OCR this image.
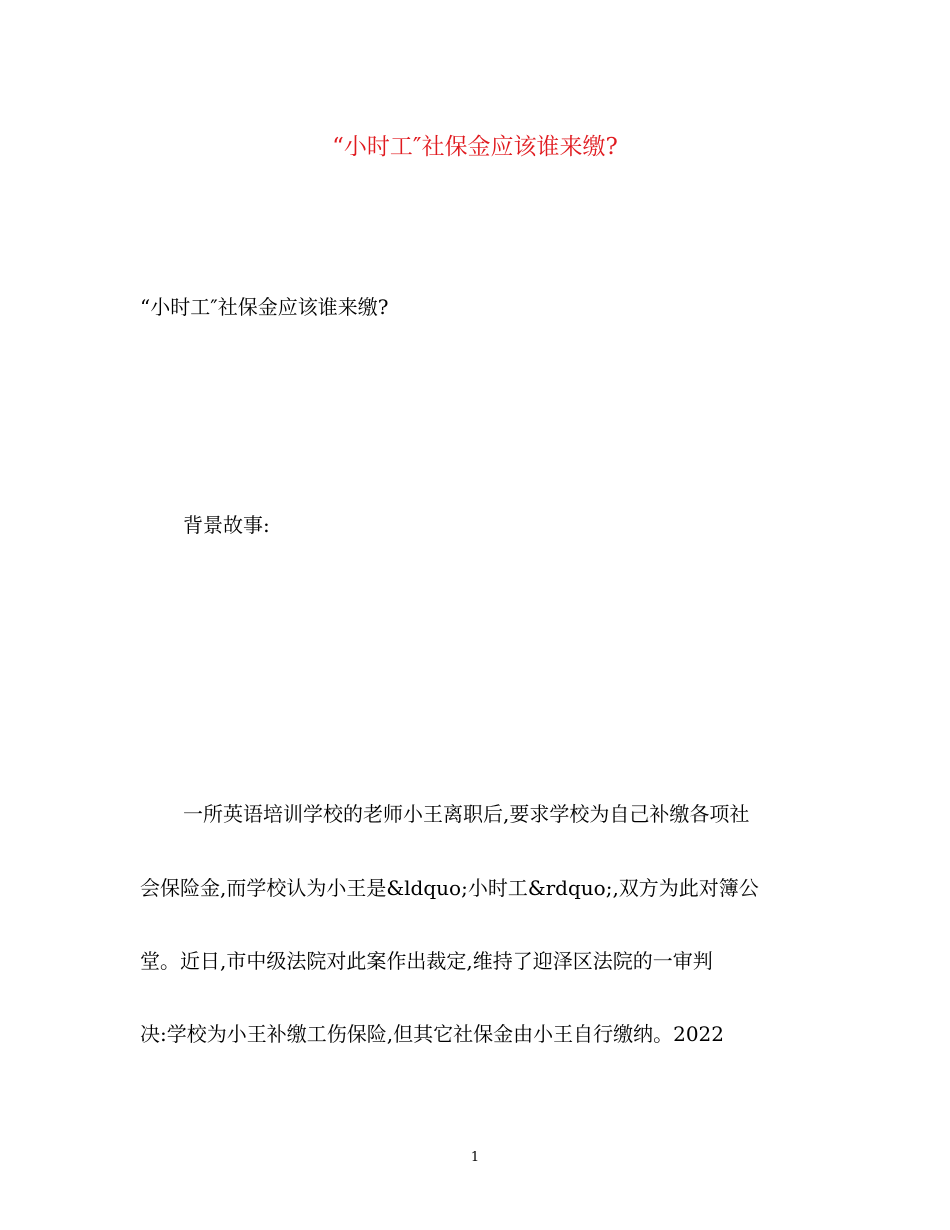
“小时工″社保金应该谁来缴?
“小时工″社保金应该谁来缴?
背景故事:
一所英语培训学校的老师小王离职后,要求学校为自己补缴各项社
会保险金,而学校认为小王是&ldquo;小时工&rdquo;,双方为此对簿公
堂。近日,市中级法院对此案作出裁定,维持了迎泽区法院的一审判
决:学校为小王补缴工伤保险,但其它社保金由小王自行缴纳。2022
1
